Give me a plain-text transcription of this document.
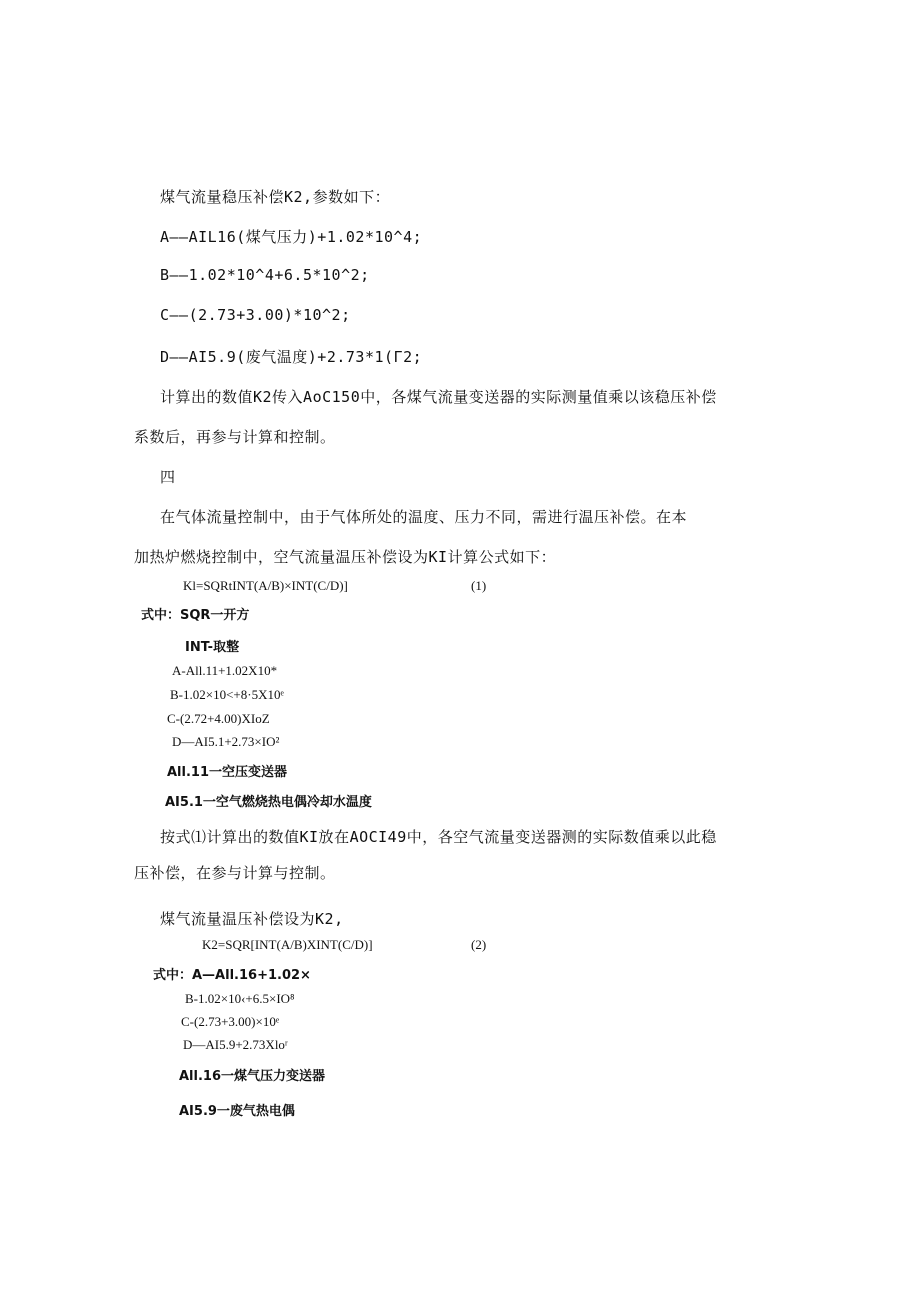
煤气流量稳压补偿K2,参数如下：
A——AIL16(煤气压力)+1.02*10^4;
B——1.02*10^4+6.5*10^2;
C——(2.73+3.00)*10^2;
D——AI5.9(废气温度)+2.73*1(Γ2;
计算出的数值K2传入AoC150中，各煤气流量变送器的实际测量值乘以该稳压补偿
系数后，再参与计算和控制。
四
在气体流量控制中，由于气体所处的温度、压力不同，需进行温压补偿。在本
加热炉燃烧控制中，空气流量温压补偿设为KI计算公式如下：
Kl=SQRtINT(A/B)×INT(C/D)]	(1)
式中：SQR一开方
INT-取整
A-All.11+1.02X10*
B-1.02×10<+8·5X10ᵉ
C-(2.72+4.00)XIoZ
D—AI5.1+2.73×IO²
All.11一空压变送器
AI5.1一空气燃烧热电偶冷却水温度
按式⑴计算出的数值KI放在AOCI49中，各空气流量变送器测的实际数值乘以此稳
压补偿，在参与计算与控制。
煤气流量温压补偿设为K2,
K2=SQR[INT(A/B)XINT(C/D)]	(2)
式中：A—All.16+1.02×
B-1.02×10‹+6.5×IO⁸
C-(2.73+3.00)×10ᵉ
D—AI5.9+2.73Xloʳ
All.16一煤气压力变送器
AI5.9一废气热电偶
